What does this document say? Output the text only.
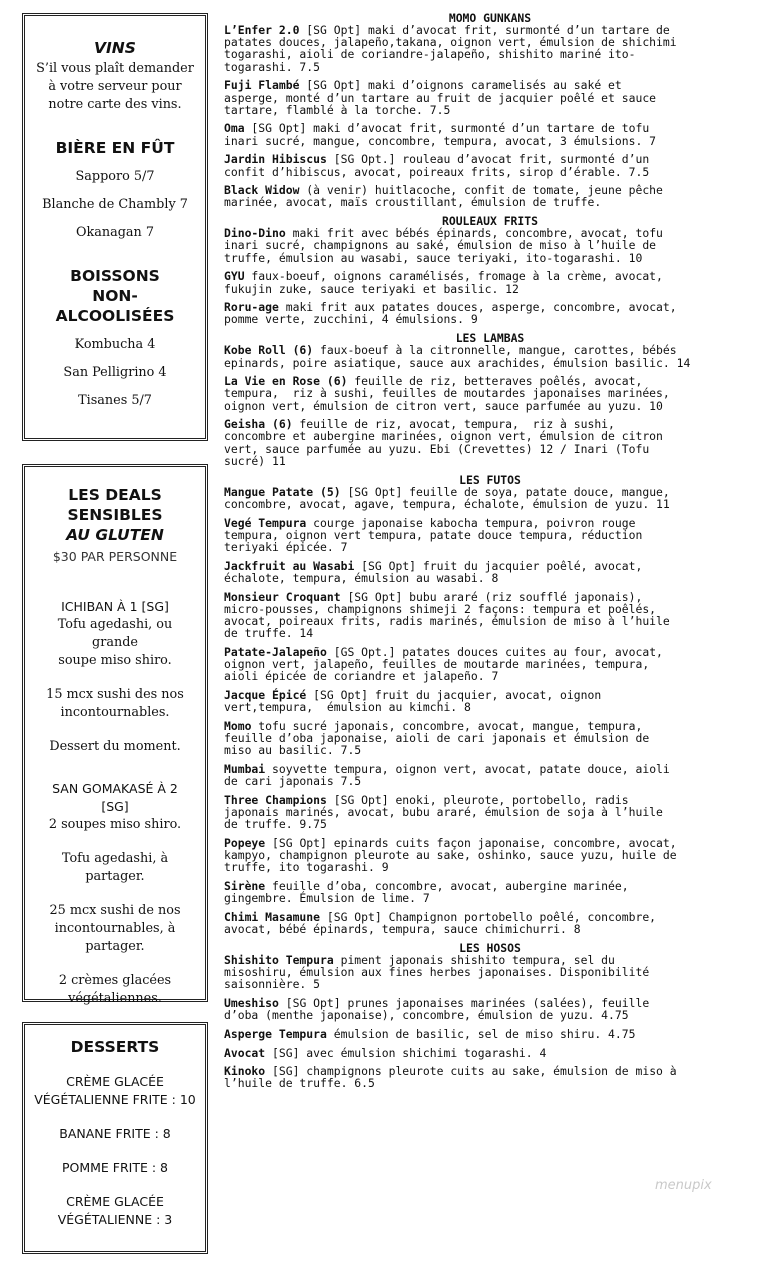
VINS
S’il vous plaît demander
à votre serveur pour
notre carte des vins.
BIÈRE EN FÛT
Sapporo 5/7
Blanche de Chambly 7
Okanagan 7
BOISSONS
NON-ALCOOLISÉES
Kombucha 4
San Pelligrino 4
Tisanes 5/7
LES DEALS SENSIBLES
AU GLUTEN
$30 PAR PERSONNE
ICHIBAN À 1 [SG]
Tofu agedashi, ou grande
soupe miso shiro.
15 mcx sushi des nos
incontournables.
Dessert du moment.
SAN GOMAKASÉ À 2
[SG]
2 soupes miso shiro.
Tofu agedashi, à partager.
25 mcx sushi de nos
incontournables, à
partager.
2 crèmes glacées
végétaliennes.
DESSERTS
CRÈME GLACÉE
VÉGÉTALIENNE FRITE : 10
BANANE FRITE : 8
POMME FRITE : 8
CRÈME GLACÉE
VÉGÉTALIENNE : 3
MOMO GUNKANS
L’Enfer 2.0 [SG Opt] maki d’avocat frit, surmonté d’un tartare de
patates douces, jalapeño,takana, oignon vert, émulsion de shichimi
togarashi, aioli de coriandre-jalapeño, shishito mariné ito-
togarashi. 7.5
Fuji Flambé [SG Opt] maki d’oignons caramelisés au saké et
asperge, monté d’un tartare au fruit de jacquier poêlé et sauce
tartare, flamblé à la torche. 7.5
Oma [SG Opt] maki d’avocat frit, surmonté d’un tartare de tofu
inari sucré, mangue, concombre, tempura, avocat, 3 émulsions. 7
Jardin Hibiscus [SG Opt.] rouleau d’avocat frit, surmonté d’un
confit d’hibiscus, avocat, poireaux frits, sirop d’érable. 7.5
Black Widow (à venir) huitlacoche, confit de tomate, jeune pêche
marinée, avocat, maïs croustillant, émulsion de truffe.
ROULEAUX FRITS
Dino-Dino maki frit avec bébés épinards, concombre, avocat, tofu
inari sucré, champignons au saké, émulsion de miso à l’huile de
truffe, émulsion au wasabi, sauce teriyaki, ito-togarashi. 10
GYU faux-boeuf, oignons caramélisés, fromage à la crème, avocat,
fukujin zuke, sauce teriyaki et basilic. 12
Roru-age maki frit aux patates douces, asperge, concombre, avocat,
pomme verte, zucchini, 4 émulsions. 9
LES LAMBAS
Kobe Roll (6) faux-boeuf à la citronnelle, mangue, carottes, bébés
epinards, poire asiatique, sauce aux arachides, émulsion basilic. 14
La Vie en Rose (6) feuille de riz, betteraves poêlés, avocat,
tempura,  riz à sushi, feuilles de moutardes japonaises marinées,
oignon vert, émulsion de citron vert, sauce parfumée au yuzu. 10
Geisha (6) feuille de riz, avocat, tempura,  riz à sushi,
concombre et aubergine marinées, oignon vert, émulsion de citron
vert, sauce parfumée au yuzu. Ebi (Crevettes) 12 / Inari (Tofu
sucré) 11
LES FUTOS
Mangue Patate (5) [SG Opt] feuille de soya, patate douce, mangue,
concombre, avocat, agave, tempura, échalote, émulsion de yuzu. 11
Vegé Tempura courge japonaise kabocha tempura, poivron rouge
tempura, oignon vert tempura, patate douce tempura, réduction
teriyaki épicée. 7
Jackfruit au Wasabi [SG Opt] fruit du jacquier poêlé, avocat,
échalote, tempura, émulsion au wasabi. 8
Monsieur Croquant [SG Opt] bubu araré (riz soufflé japonais),
micro-pousses, champignons shimeji 2 façons: tempura et poêlés,
avocat, poireaux frits, radis marinés, émulsion de miso à l’huile
de truffe. 14
Patate-Jalapeño [GS Opt.] patates douces cuites au four, avocat,
oignon vert, jalapeño, feuilles de moutarde marinées, tempura,
aioli épicée de coriandre et jalapeño. 7
Jacque Épicé [SG Opt] fruit du jacquier, avocat, oignon
vert,tempura,  émulsion au kimchi. 8
Momo tofu sucré japonais, concombre, avocat, mangue, tempura,
feuille d’oba japonaise, aioli de cari japonais et émulsion de
miso au basilic. 7.5
Mumbai soyvette tempura, oignon vert, avocat, patate douce, aioli
de cari japonais 7.5
Three Champions [SG Opt] enoki, pleurote, portobello, radis
japonais marinés, avocat, bubu araré, émulsion de soja à l’huile
de truffe. 9.75
Popeye [SG Opt] epinards cuits façon japonaise, concombre, avocat,
kampyo, champignon pleurote au sake, oshinko, sauce yuzu, huile de
truffe, ito togarashi. 9
Sirène feuille d’oba, concombre, avocat, aubergine marinée,
gingembre. Émulsion de lime. 7
Chimi Masamune [SG Opt] Champignon portobello poêlé, concombre,
avocat, bébé épinards, tempura, sauce chimichurri. 8
LES HOSOS
Shishito Tempura piment japonais shishito tempura, sel du
misoshiru, émulsion aux fines herbes japonaises. Disponibilité
saisonnière. 5
Umeshiso [SG Opt] prunes japonaises marinées (salées), feuille
d’oba (menthe japonaise), concombre, émulsion de yuzu. 4.75
Asperge Tempura émulsion de basilic, sel de miso shiru. 4.75
Avocat [SG] avec émulsion shichimi togarashi. 4
Kinoko [SG] champignons pleurote cuits au sake, émulsion de miso à
l’huile de truffe. 6.5
menupix
